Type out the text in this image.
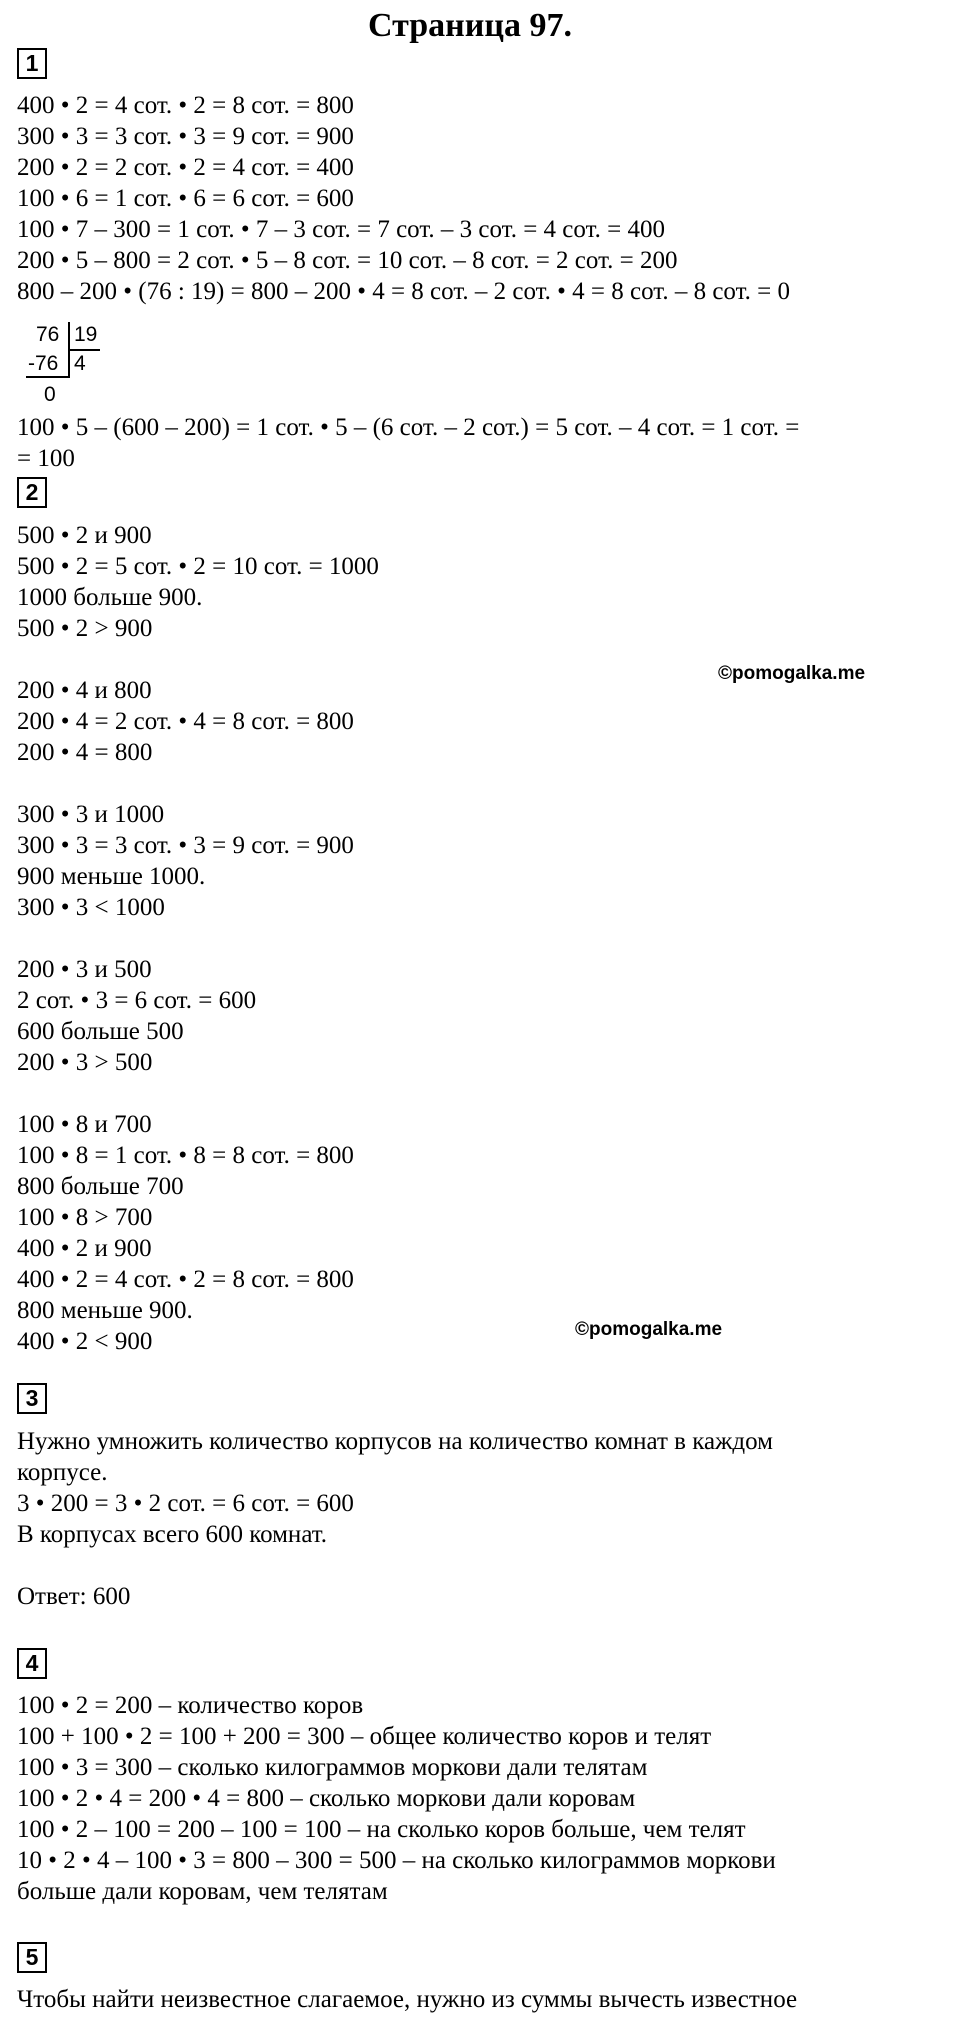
Страница 97.
1
400 • 2 = 4 сот. • 2 = 8 сот. = 800
300 • 3 = 3 сот. • 3 = 9 сот. = 900
200 • 2 = 2 сот. • 2 = 4 сот. = 400
100 • 6 = 1 сот. • 6 = 6 сот. = 600
100 • 7 – 300 = 1 сот. • 7 – 3 сот. = 7 сот. – 3 сот. = 4 сот. = 400
200 • 5 – 800 = 2 сот. • 5 – 8 сот. = 10 сот. – 8 сот. = 2 сот. = 200
800 – 200 • (76 : 19) = 800 – 200 • 4 = 8 сот. – 2 сот. • 4 = 8 сот. – 8 сот. = 0
76 19
-76 4
0
100 • 5 – (600 – 200) = 1 сот. • 5 – (6 сот. – 2 сот.) = 5 сот. – 4 сот. = 1 сот. =
= 100
2
500 • 2 и 900
500 • 2 = 5 сот. • 2 = 10 сот. = 1000
1000 больше 900.
500 • 2 > 900
200 • 4 и 800
200 • 4 = 2 сот. • 4 = 8 сот. = 800
200 • 4 = 800
300 • 3 и 1000
300 • 3 = 3 сот. • 3 = 9 сот. = 900
900 меньше 1000.
300 • 3 < 1000
200 • 3 и 500
2 сот. • 3 = 6 сот. = 600
600 больше 500
200 • 3 > 500
100 • 8 и 700
100 • 8 = 1 сот. • 8 = 8 сот. = 800
800 больше 700
100 • 8 > 700
400 • 2 и 900
400 • 2 = 4 сот. • 2 = 8 сот. = 800
800 меньше 900.
400 • 2 < 900
©pomogalka.me
©pomogalka.me
3
Нужно умножить количество корпусов на количество комнат в каждом
корпусе.
3 • 200 = 3 • 2 сот. = 6 сот. = 600
В корпусах всего 600 комнат.
Ответ: 600
4
100 • 2 = 200 – количество коров
100 + 100 • 2 = 100 + 200 = 300 – общее количество коров и телят
100 • 3 = 300 – сколько килограммов моркови дали телятам
100 • 2 • 4 = 200 • 4 = 800 – сколько моркови дали коровам
100 • 2 – 100 = 200 – 100 = 100 – на сколько коров больше, чем телят
10 • 2 • 4 – 100 • 3 = 800 – 300 = 500 – на сколько килограммов моркови
больше дали коровам, чем телятам
5
Чтобы найти неизвестное слагаемое, нужно из суммы вычесть известное
